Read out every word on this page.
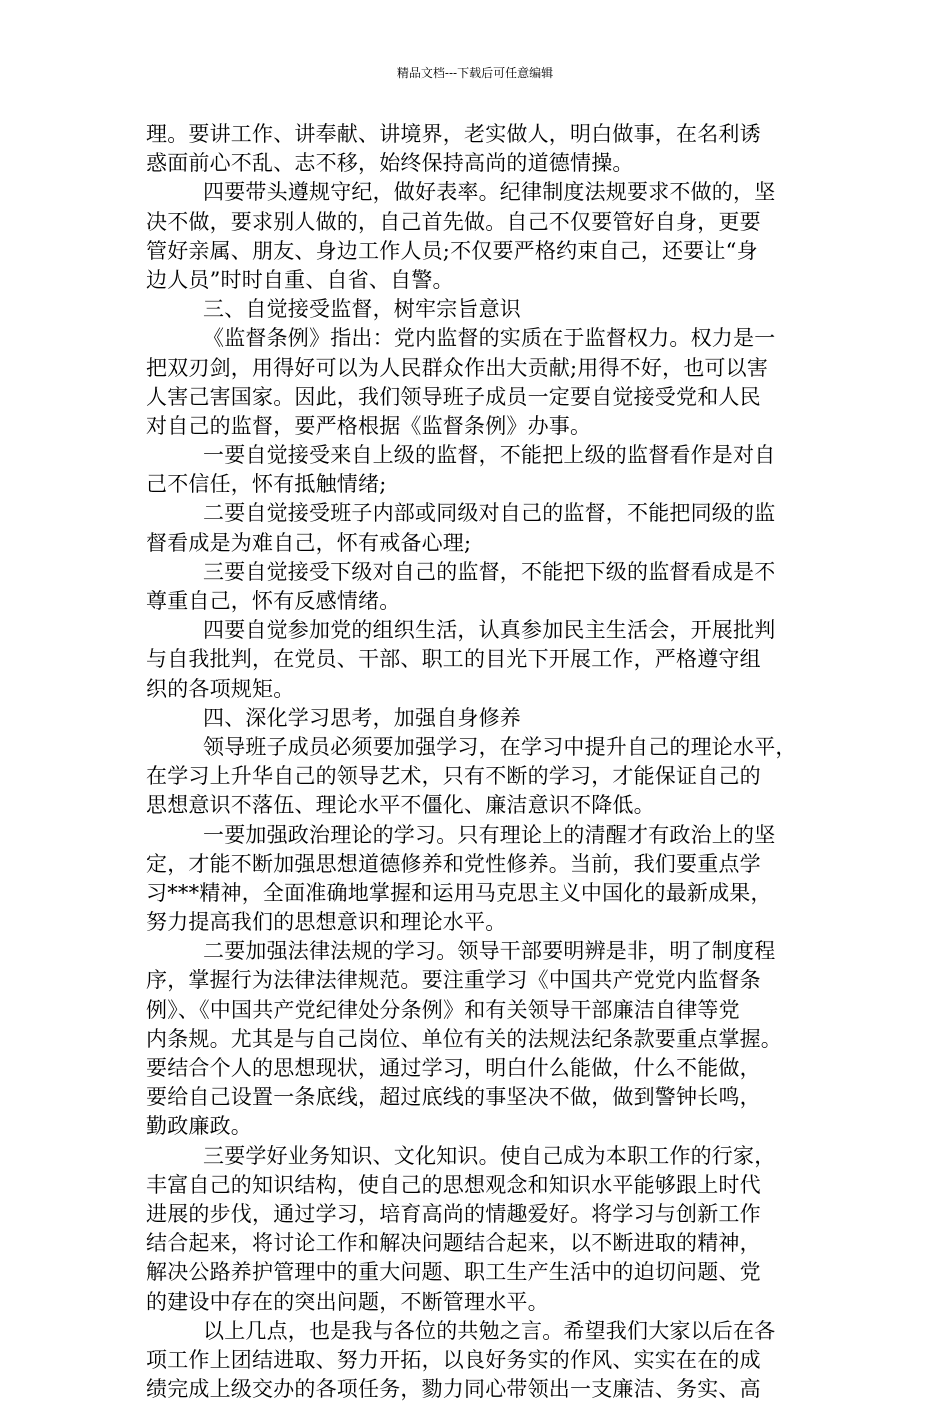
精品文档---下载后可任意编辑
理。要讲工作、讲奉献、讲境界，老实做人，明白做事，在名利诱
惑面前心不乱、志不移，始终保持高尚的道德情操。
四要带头遵规守纪，做好表率。纪律制度法规要求不做的，坚
决不做，要求别人做的，自己首先做。自己不仅要管好自身，更要
管好亲属、朋友、身边工作人员;不仅要严格约束自己，还要让“身
边人员”时时自重、自省、自警。
三、自觉接受监督，树牢宗旨意识
《监督条例》指出：党内监督的实质在于监督权力。权力是一
把双刃剑，用得好可以为人民群众作出大贡献;用得不好，也可以害
人害己害国家。因此，我们领导班子成员一定要自觉接受党和人民
对自己的监督，要严格根据《监督条例》办事。
一要自觉接受来自上级的监督，不能把上级的监督看作是对自
己不信任，怀有抵触情绪;
二要自觉接受班子内部或同级对自己的监督，不能把同级的监
督看成是为难自己，怀有戒备心理;
三要自觉接受下级对自己的监督，不能把下级的监督看成是不
尊重自己，怀有反感情绪。
四要自觉参加党的组织生活，认真参加民主生活会，开展批判
与自我批判，在党员、干部、职工的目光下开展工作，严格遵守组
织的各项规矩。
四、深化学习思考，加强自身修养
领导班子成员必须要加强学习，在学习中提升自己的理论水平，
在学习上升华自己的领导艺术，只有不断的学习，才能保证自己的
思想意识不落伍、理论水平不僵化、廉洁意识不降低。
一要加强政治理论的学习。只有理论上的清醒才有政治上的坚
定，才能不断加强思想道德修养和党性修养。当前，我们要重点学
习***精神，全面准确地掌握和运用马克思主义中国化的最新成果，
努力提高我们的思想意识和理论水平。
二要加强法律法规的学习。领导干部要明辨是非，明了制度程
序，掌握行为法律法律规范。要注重学习《中国共产党党内监督条
例》、《中国共产党纪律处分条例》和有关领导干部廉洁自律等党
内条规。尤其是与自己岗位、单位有关的法规法纪条款要重点掌握。
要结合个人的思想现状，通过学习，明白什么能做，什么不能做，
要给自己设置一条底线，超过底线的事坚决不做，做到警钟长鸣，
勤政廉政。
三要学好业务知识、文化知识。使自己成为本职工作的行家，
丰富自己的知识结构，使自己的思想观念和知识水平能够跟上时代
进展的步伐，通过学习，培育高尚的情趣爱好。将学习与创新工作
结合起来，将讨论工作和解决问题结合起来，以不断进取的精神，
解决公路养护管理中的重大问题、职工生产生活中的迫切问题、党
的建设中存在的突出问题，不断管理水平。
以上几点，也是我与各位的共勉之言。希望我们大家以后在各
项工作上团结进取、努力开拓，以良好务实的作风、实实在在的成
绩完成上级交办的各项任务，勠力同心带领出一支廉洁、务实、高
